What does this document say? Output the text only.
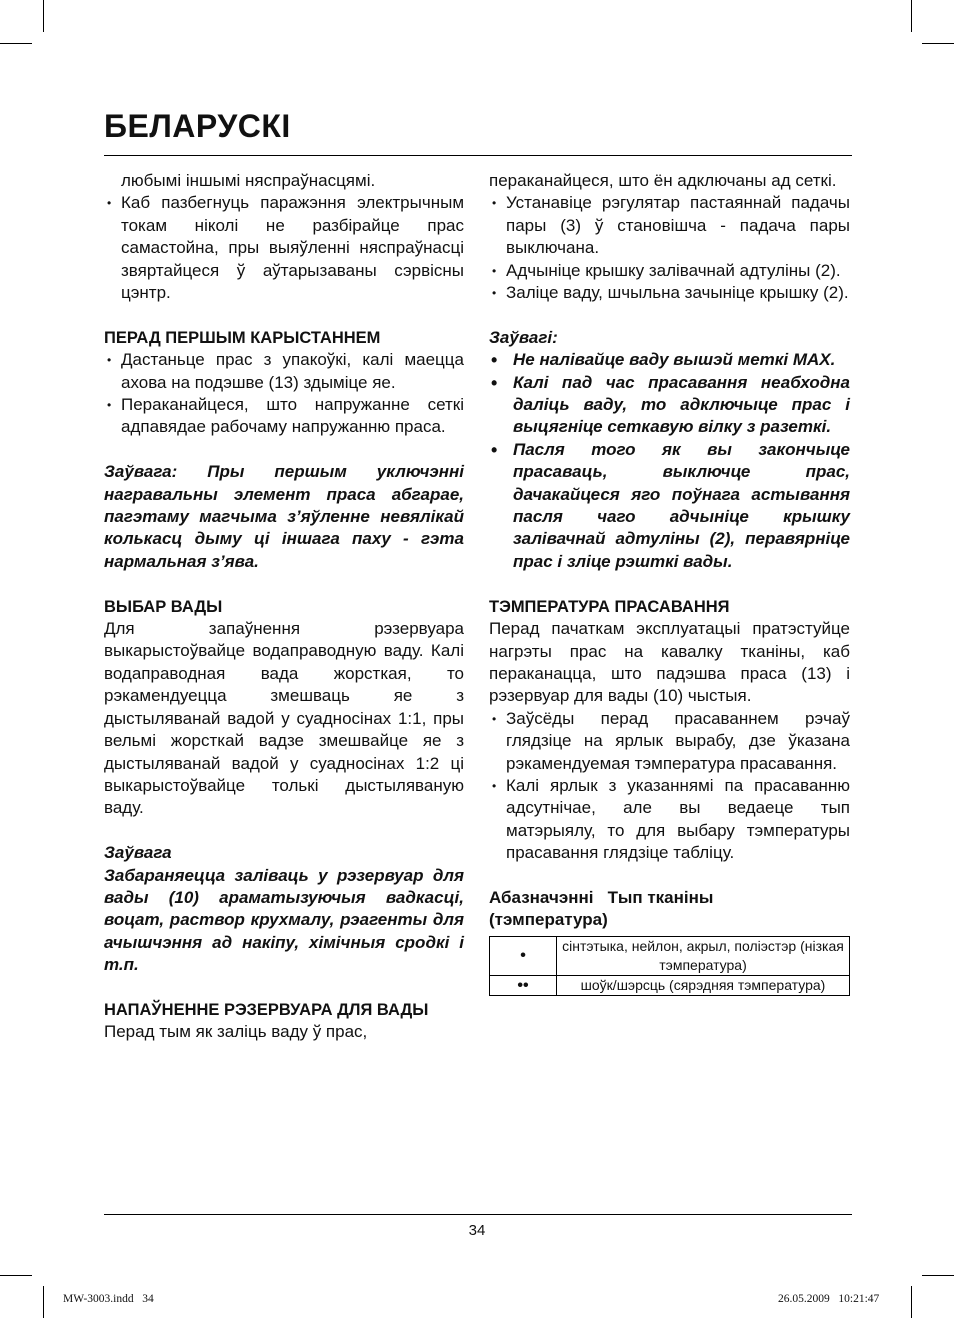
БЕЛАРУСКІ

любымі іншымі няспраўнасцямі.

• Каб пазбегнуць паражэння электрычным токам ніколі не разбірайце прас самастойна, пры выяўленні няспраўнасці звяртайцеся ў аўтарызаваны сэрвісны цэнтр.

ПЕРАД ПЕРШЫМ КАРЫСТАННЕМ

• Дастаньце прас з упакоўкі, калі маецца ахова на подэшве (13) здыміце яе.

• Пераканайцеся, што напружанне сеткі адпавядае рабочаму напружанню праса.

Заўвага: Пры першым уключэнні награвальны элемент праса абгарае, пагэтаму магчыма з’яўленне невялікай колькасц дыму ці іншага паху - гэта нармальная з’ява.

ВЫБАР ВАДЫ

Для запаўнення рэзервуара выкарыстоўвайце водаправодную ваду. Калі водаправодная вада жорсткая, то рэкамендуецца змешваць яе з дыстыляванай вадой у суадносінах 1:1, пры вельмі жорсткай вадзе змешвайце яе з дыстыляванай вадой у суадносінах 1:2 ці выкарыстоўвайце толькі дыстыляваную ваду.

Заўвага

Забараняецца заліваць у рэзервуар для вады (10) араматызуючыя вадкасці, воцат, раствор крухмалу, рэагенты для ачышчэння ад накіпу, хімічныя сродкі і т.п.

НАПАЎНЕННЕ РЭЗЕРВУАРА ДЛЯ ВАДЫ

Перад тым як заліць ваду ў прас,

пераканайцеся, што ён адключаны ад сеткі.

• Устанавіце рэгулятар пастаяннай падачы пары (3) ў становішча - падача пары выключана.

• Адчыніце крышку залівачнай адтуліны (2).

• Заліце ваду, шчыльна зачыніце крышку (2).

Заўвагі:

• Не налівайце ваду вышэй меткі MAX.

• Калі пад час прасавання неабходна даліць ваду, то адключыце прас і выцягніце сеткавую вілку з разеткі.

• Пасля того як вы закончыце прасаваць, выключце прас, дачакайцеся яго поўнага астывання пасля чаго адчыніце крышку залівачнай адтуліны (2), перавярніце прас і зліце рэшткі вады.

ТЭМПЕРАТУРА ПРАСАВАННЯ

Перад пачаткам эксплуатацыі пратэстуйце нагрэты прас на кавалку тканіны, каб пераканацца, што падэшва праса (13) і рэзервуар для вады (10) чыстыя.

• Заўсёды перад прасаваннем рэчаў глядзіце на ярлык вырабу, дзе ўказана рэкамендуемая тэмпература прасавання.

• Калі ярлык з указаннямі па прасаванню адсутнічае, але вы ведаеце тып матэрыялу, то для выбару тэмпературы прасавання глядзіце табліцу.

Абазначэнні Тып тканіны
(тэмпература)

•	сінтэтыка, нейлон, акрыл, поліэстэр (нізкая тэмпература)
••	шоўк/шэрсць (сярэдняя тэмпература)
34
MW-3003.indd   34	26.05.2009   10:21:47
